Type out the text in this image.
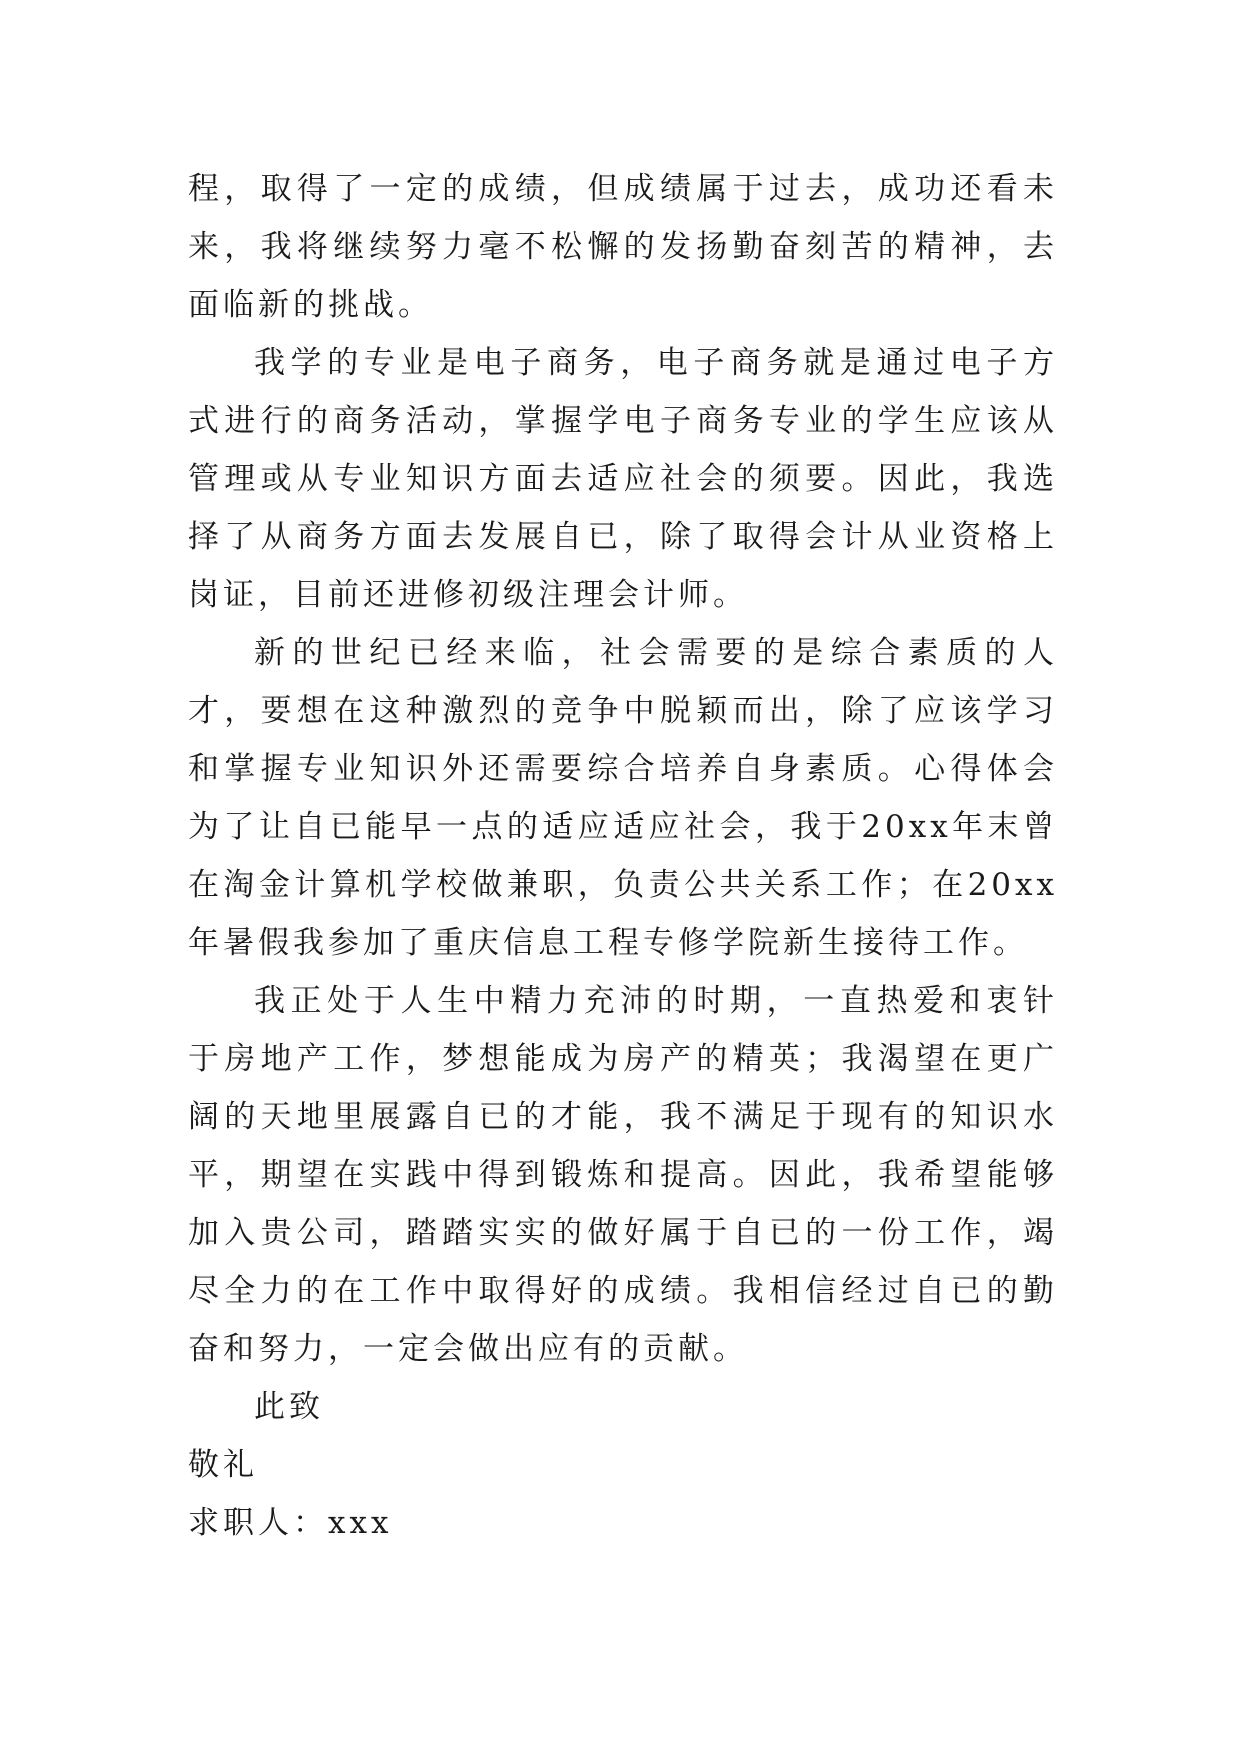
程，取得了一定的成绩，但成绩属于过去，成功还看未来，我将继续努力毫不松懈的发扬勤奋刻苦的精神，去面临新的挑战。

我学的专业是电子商务，电子商务就是通过电子方式进行的商务活动，掌握学电子商务专业的学生应该从管理或从专业知识方面去适应社会的须要。因此，我选择了从商务方面去发展自已，除了取得会计从业资格上岗证，目前还进修初级注理会计师。

新的世纪已经来临，社会需要的是综合素质的人才，要想在这种激烈的竞争中脱颖而出，除了应该学习和掌握专业知识外还需要综合培养自身素质。心得体会为了让自已能早一点的适应适应社会，我于20xx年末曾在淘金计算机学校做兼职，负责公共关系工作；在20xx年暑假我参加了重庆信息工程专修学院新生接待工作。

我正处于人生中精力充沛的时期，一直热爱和衷针于房地产工作，梦想能成为房产的精英；我渴望在更广阔的天地里展露自已的才能，我不满足于现有的知识水平，期望在实践中得到锻炼和提高。因此，我希望能够加入贵公司，踏踏实实的做好属于自已的一份工作，竭尽全力的在工作中取得好的成绩。我相信经过自已的勤奋和努力，一定会做出应有的贡献。

此致

敬礼

求职人：xxx
